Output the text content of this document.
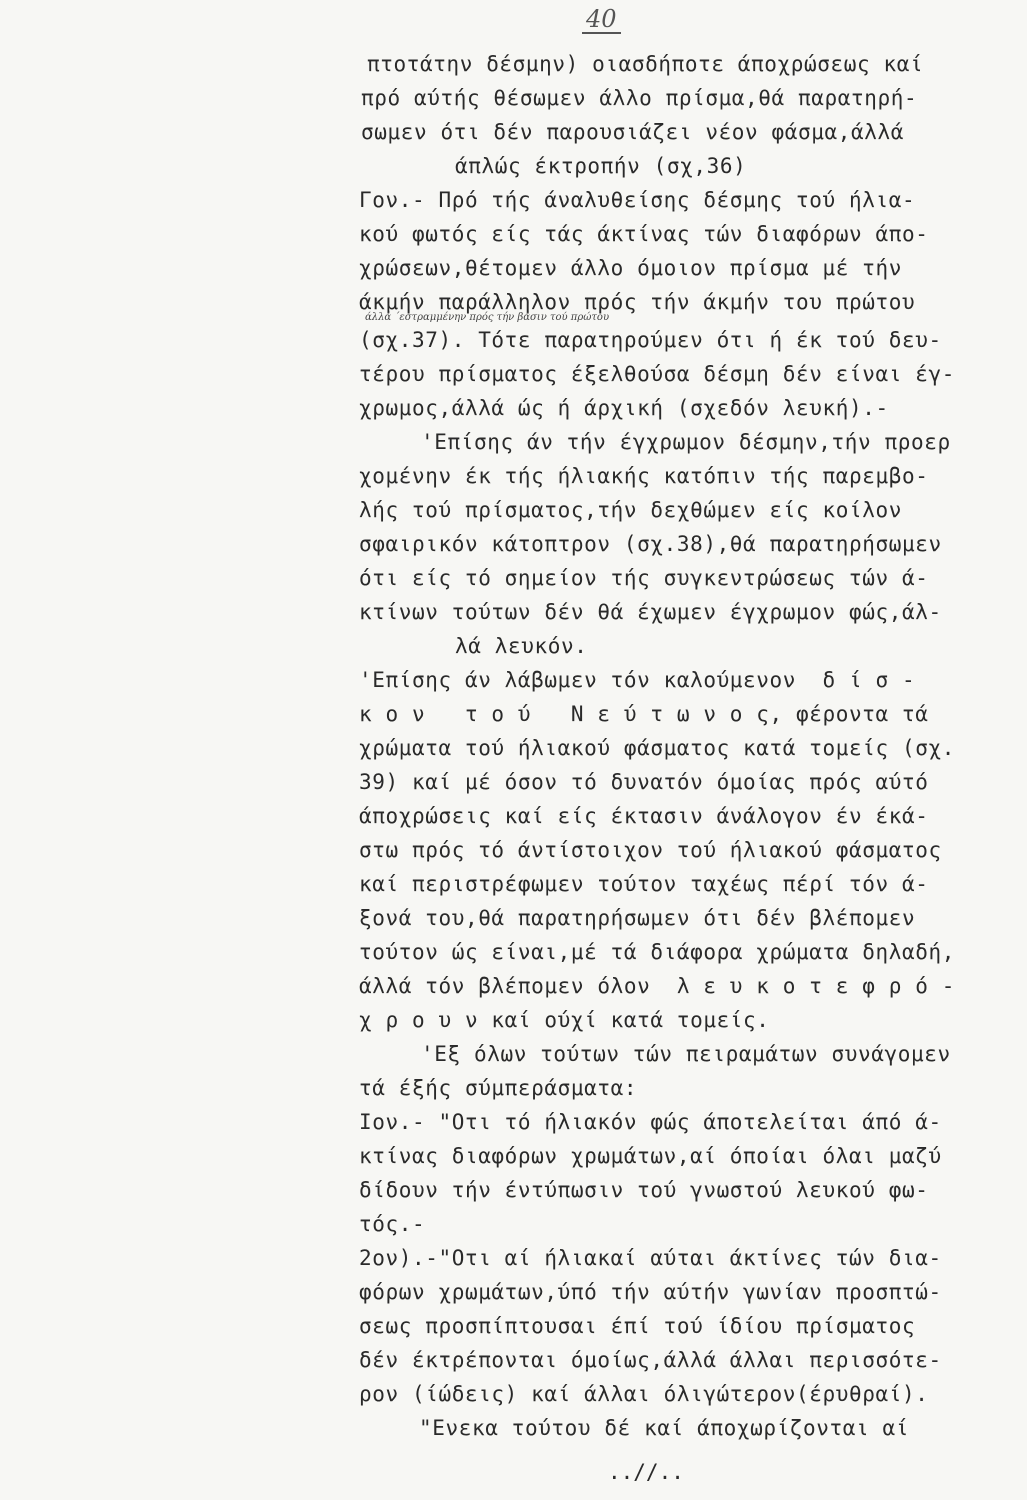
40
πτοτάτην δέσμην) οιασδήποτε άποχρώσεως καί
πρό αύτής θέσωμεν άλλο πρίσμα,θά παρατηρή-
σωμεν ότι δέν παρουσιάζει νέον φάσμα,άλλά
άπλώς έκτροπήν (σχ,36)
Γον.- Πρό τής άναλυθείσης δέσμης τού ήλια-
κού φωτός είς τάς άκτίνας τών διαφόρων άπο-
χρώσεων,θέτομεν άλλο όμοιον πρίσμα μέ τήν
άκμήν παράλληλον πρός τήν άκμήν του πρώτου
άλλά ΄εστραμμένην πρός τήν βάσιν τού πρώτου
(σχ.37). Τότε παρατηρούμεν ότι ή έκ τού δευ-
τέρου πρίσματος έξελθούσα δέσμη δέν είναι έγ-
χρωμος,άλλά ώς ή άρχική (σχεδόν λευκή).-
'Επίσης άν τήν έγχρωμον δέσμην,τήν προερ
χομένην έκ τής ήλιακής κατόπιν τής παρεμβο-
λής τού πρίσματος,τήν δεχθώμεν είς κοίλον
σφαιρικόν κάτοπτρον (σχ.38),θά παρατηρήσωμεν
ότι είς τό σημείον τής συγκεντρώσεως τών ά-
κτίνων τούτων δέν θά έχωμεν έγχρωμον φώς,άλ-
λά λευκόν.
'Επίσης άν λάβωμεν τόν καλούμενον  δ ί σ -
κ ο ν   τ ο ύ   Ν ε ύ τ ω ν ο ς, φέροντα τά
χρώματα τού ήλιακού φάσματος κατά τομείς (σχ.
39) καί μέ όσον τό δυνατόν όμοίας πρός αύτό
άποχρώσεις καί είς έκτασιν άνάλογον έν έκά-
στω πρός τό άντίστοιχον τού ήλιακού φάσματος
καί περιστρέφωμεν τούτον ταχέως πέρί τόν ά-
ξονά του,θά παρατηρήσωμεν ότι δέν βλέπομεν
τούτον ώς είναι,μέ τά διάφορα χρώματα δηλαδή,
άλλά τόν βλέπομεν όλον  λ ε υ κ ο τ ε φ ρ ό -
χ ρ ο υ ν καί ούχί κατά τομείς.
'Εξ όλων τούτων τών πειραμάτων συνάγομεν
τά έξής σύμπεράσματα:
Ιον.- "Οτι τό ήλιακόν φώς άποτελείται άπό ά-
κτίνας διαφόρων χρωμάτων,αί όποίαι όλαι μαζύ
δίδουν τήν έντύπωσιν τού γνωστού λευκού φω-
τός.-
2ον).-"Οτι αί ήλιακαί αύται άκτίνες τών δια-
φόρων χρωμάτων,ύπό τήν αύτήν γωνίαν προσπτώ-
σεως προσπίπτουσαι έπί τού ίδίου πρίσματος
δέν έκτρέπονται όμοίως,άλλά άλλαι περισσότε-
ρον (ίώδεις) καί άλλαι όλιγώτερον(έρυθραί).
"Ενεκα τούτου δέ καί άποχωρίζονται αί
..//..
